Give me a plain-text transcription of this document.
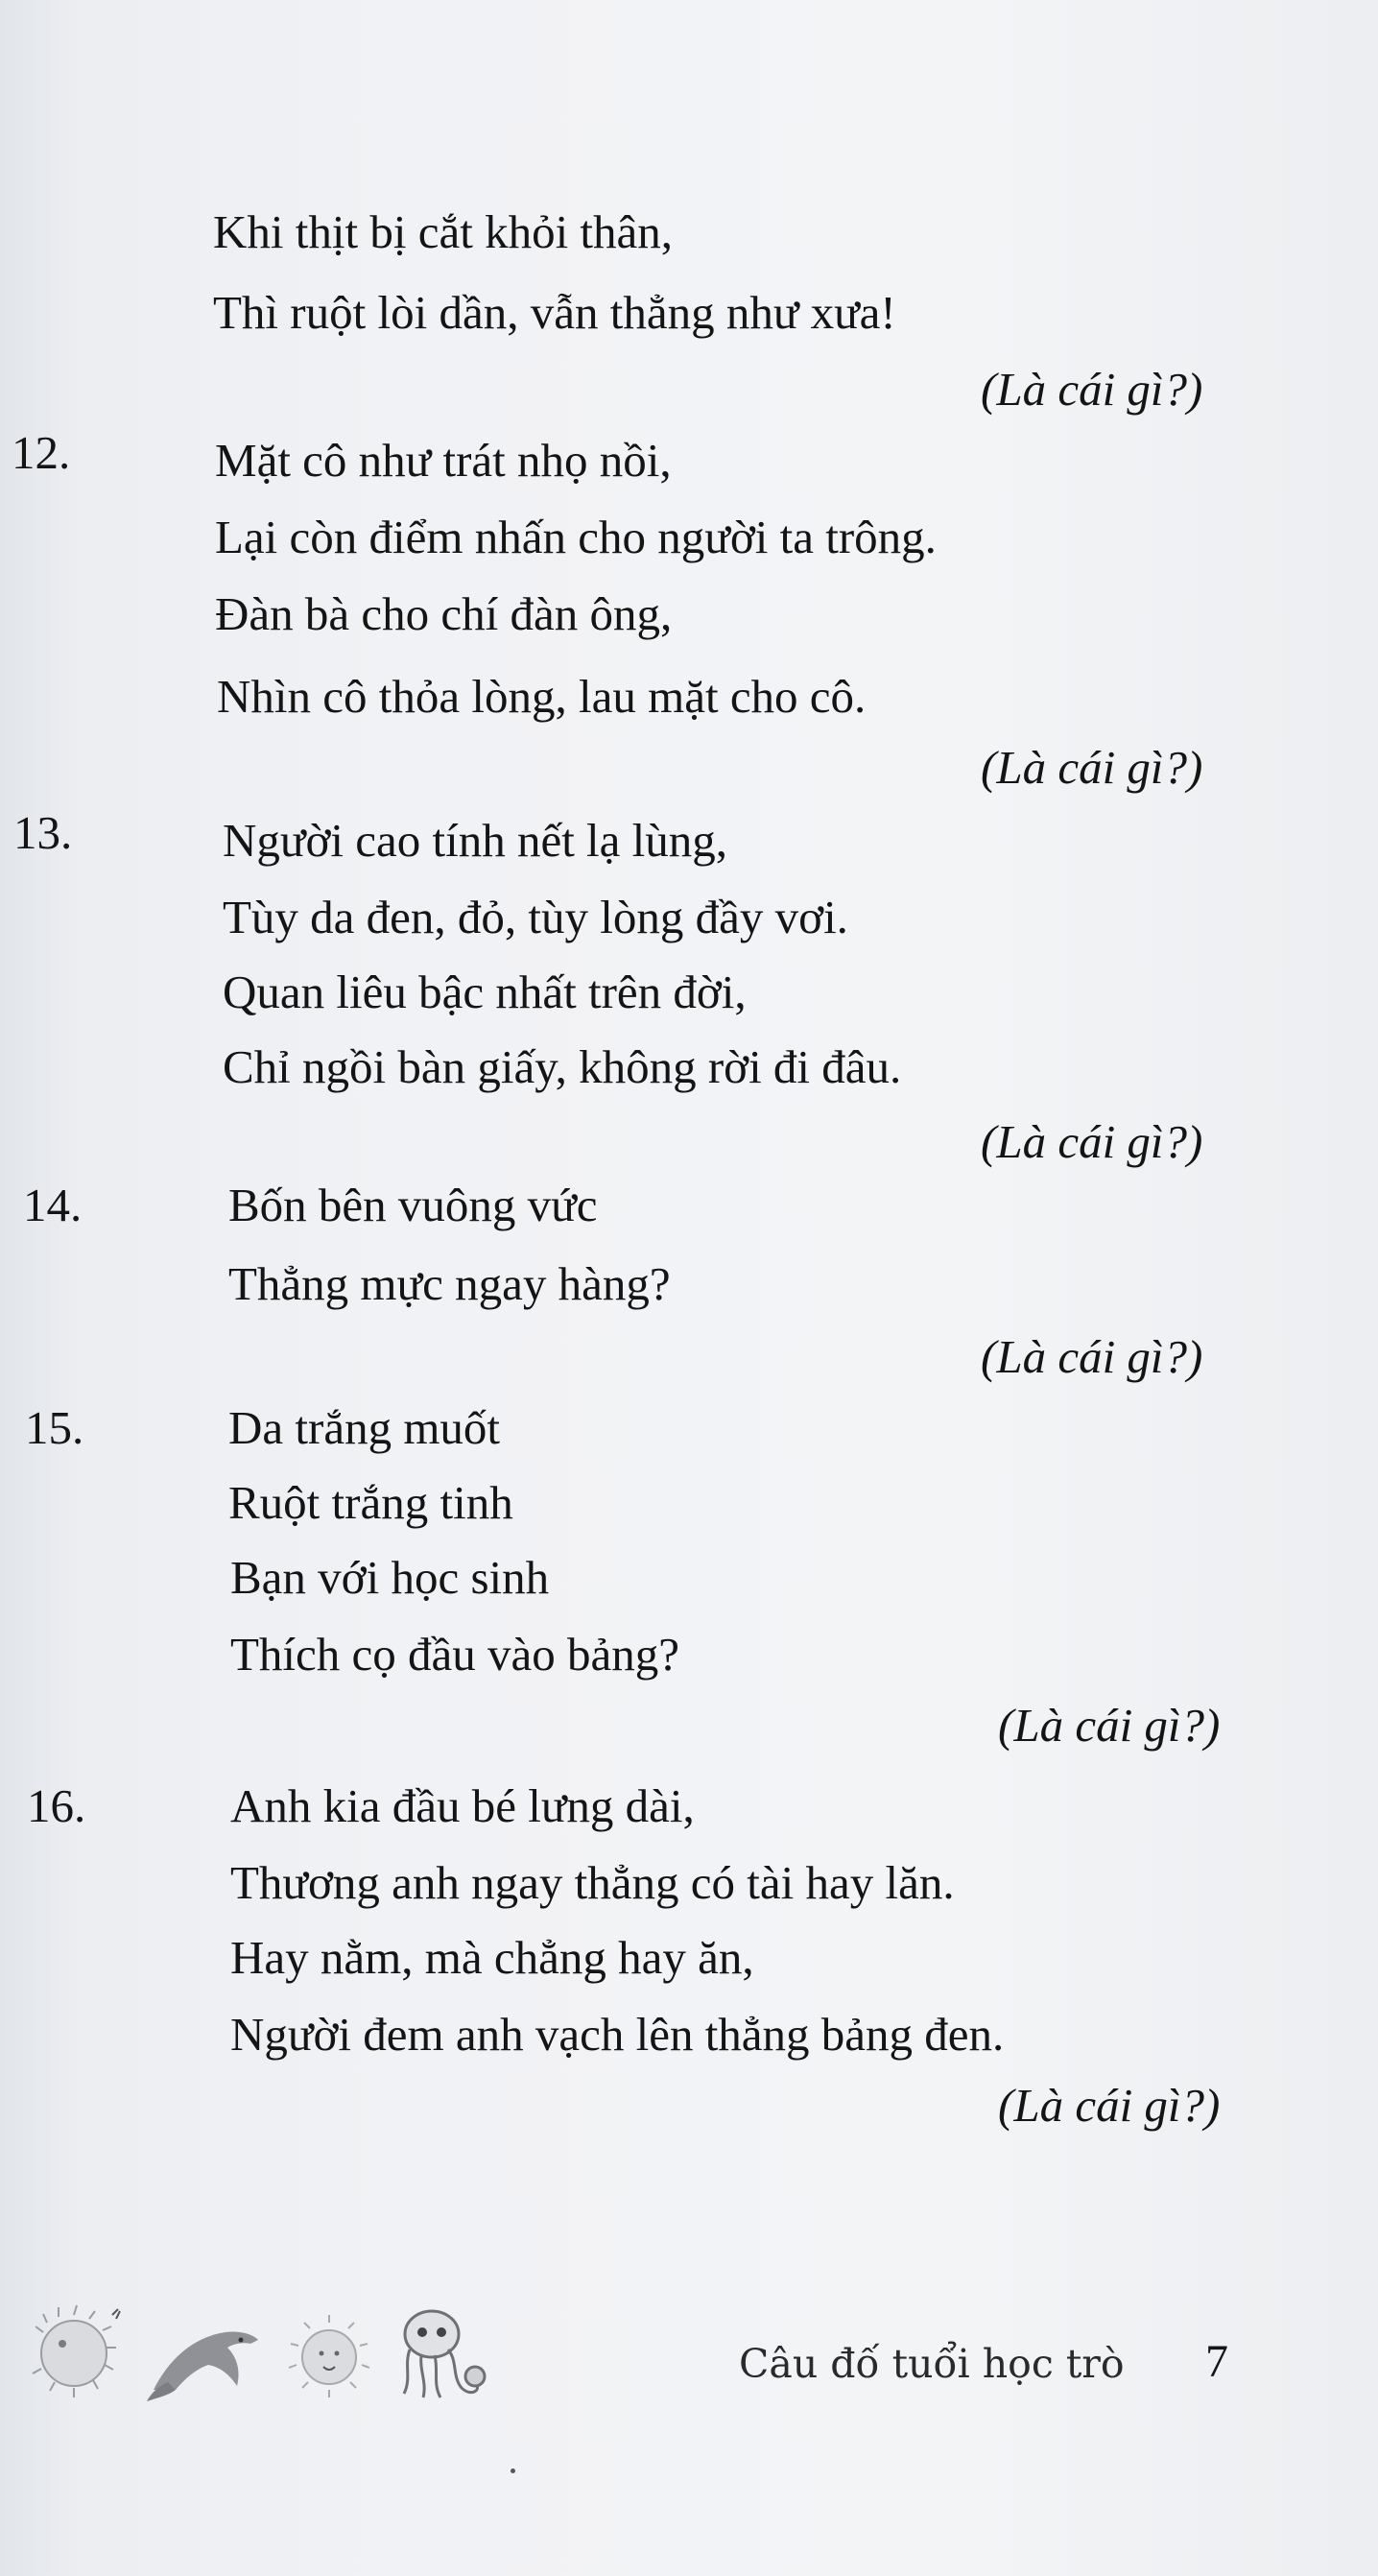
Khi thịt bị cắt khỏi thân,
Thì ruột lòi dần, vẫn thẳng như xưa!
(Là cái gì?)
12.	Mặt cô như trát nhọ nồi,
Lại còn điểm nhấn cho người ta trông.
Đàn bà cho chí đàn ông,
Nhìn cô thỏa lòng, lau mặt cho cô.
(Là cái gì?)
13.	Người cao tính nết lạ lùng,
Tùy da đen, đỏ, tùy lòng đầy vơi.
Quan liêu bậc nhất trên đời,
Chỉ ngồi bàn giấy, không rời đi đâu.
(Là cái gì?)
14.	Bốn bên vuông vức
Thẳng mực ngay hàng?
(Là cái gì?)
15.	Da trắng muốt
Ruột trắng tinh
Bạn với học sinh
Thích cọ đầu vào bảng?
(Là cái gì?)
16.	Anh kia đầu bé lưng dài,
Thương anh ngay thẳng có tài hay lăn.
Hay nằm, mà chẳng hay ăn,
Người đem anh vạch lên thẳng bảng đen.
(Là cái gì?)
Câu đố tuổi học trò 7
